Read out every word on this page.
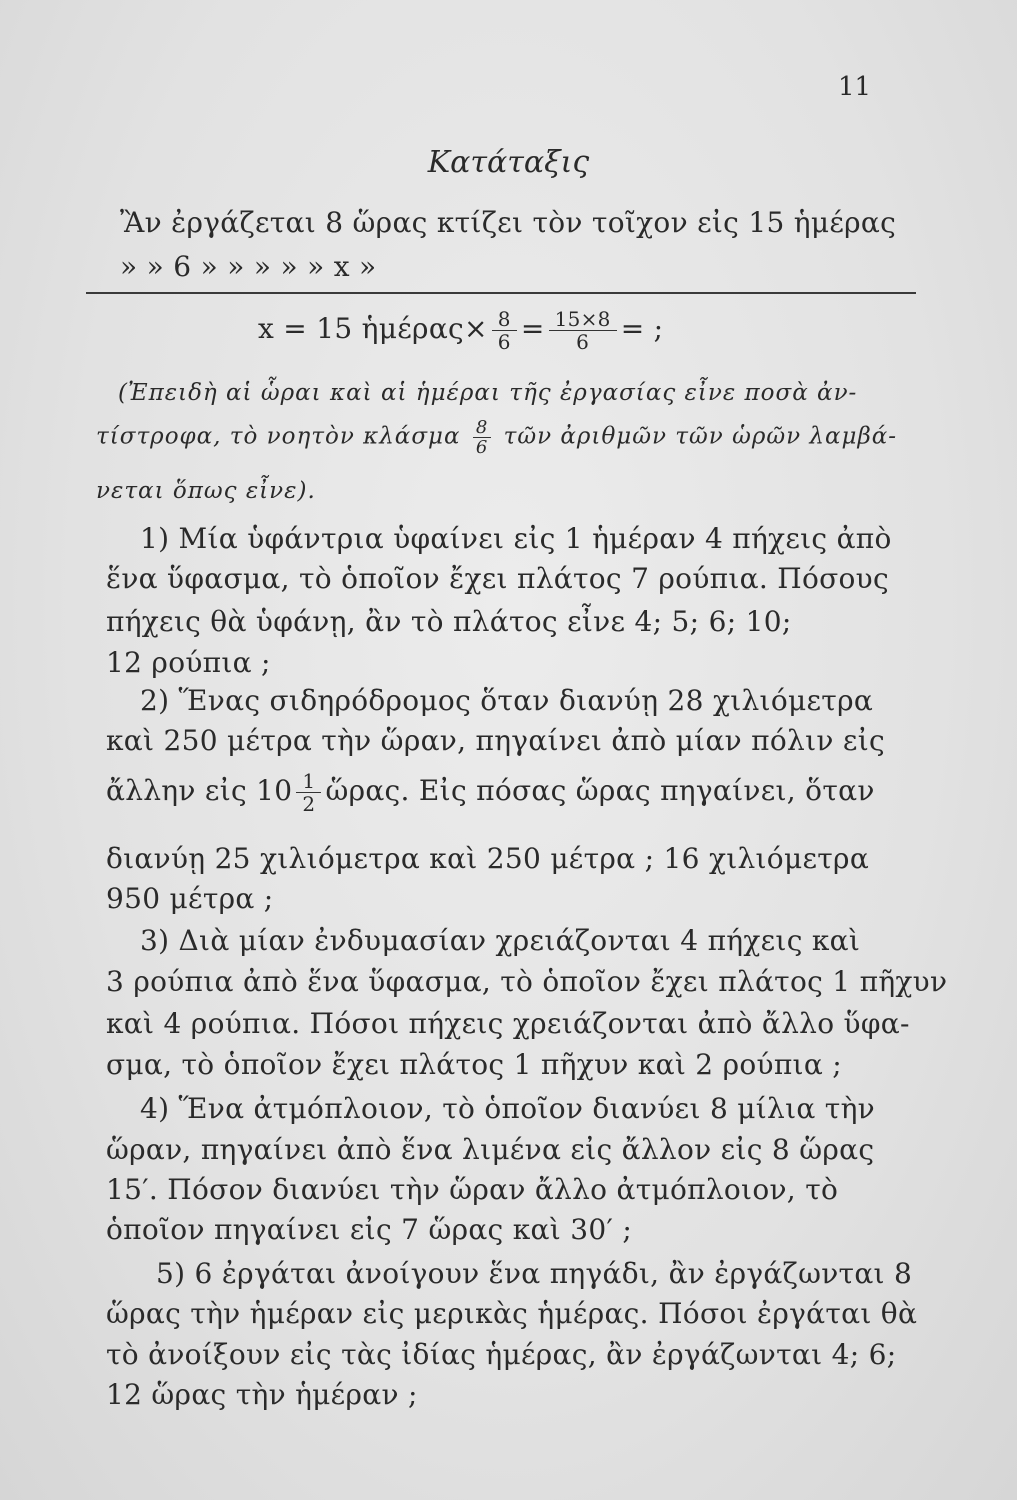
11
Κατάταξις
Ἂν ἐργάζεται 8 ὥρας κτίζει τὸν τοῖχον εἰς 15 ἡμέρας
» » 6 » » » » » x »
x = 15 ἡμέρας× $\frac{8}{6} = \frac{15\times 8}{6}$ = ;
(Ἐπειδὴ αἱ ὧραι καὶ αἱ ἡμέραι τῆς ἐργασίας εἶνε ποσὰ ἀν-
τίστροφα, τὸ νοητὸν κλάσμα $\frac{8}{6}$ τῶν ἀριθμῶν τῶν ὡρῶν λαμβά-
νεται ὅπως εἶνε).
1) Μία ὑφάντρια ὑφαίνει εἰς 1 ἡμέραν 4 πήχεις ἀπὸ
ἕνα ὕφασμα, τὸ ὁποῖον ἔχει πλάτος 7 ρούπια. Πόσους
πήχεις θὰ ὑφάνῃ, ἂν τὸ πλάτος εἶνε 4; 5; 6; 10;
12 ρούπια ;
2) Ἕνας σιδηρόδρομος ὅταν διανύῃ 28 χιλιόμετρα
καὶ 250 μέτρα τὴν ὥραν, πηγαίνει ἀπὸ μίαν πόλιν εἰς
ἄλλην εἰς $10 \frac{1}{2}$ ὥρας. Εἰς πόσας ὥρας πηγαίνει, ὅταν
διανύῃ 25 χιλιόμετρα καὶ 250 μέτρα ; 16 χιλιόμετρα
950 μέτρα ;
3) Διὰ μίαν ἐνδυμασίαν χρειάζονται 4 πήχεις καὶ
3 ρούπια ἀπὸ ἕνα ὕφασμα, τὸ ὁποῖον ἔχει πλάτος 1 πῆχυν
καὶ 4 ρούπια. Πόσοι πήχεις χρειάζονται ἀπὸ ἄλλο ὕφα-
σμα, τὸ ὁποῖον ἔχει πλάτος 1 πῆχυν καὶ 2 ρούπια ;
4) Ἕνα ἀτμόπλοιον, τὸ ὁποῖον διανύει 8 μίλια τὴν
ὥραν, πηγαίνει ἀπὸ ἕνα λιμένα εἰς ἄλλον εἰς 8 ὥρας
15′. Πόσον διανύει τὴν ὥραν ἄλλο ἀτμόπλοιον, τὸ
ὁποῖον πηγαίνει εἰς 7 ὥρας καὶ 30′ ;
5) 6 ἐργάται ἀνοίγουν ἕνα πηγάδι, ἂν ἐργάζωνται 8
ὥρας τὴν ἡμέραν εἰς μερικὰς ἡμέρας. Πόσοι ἐργάται θὰ
τὸ ἀνοίξουν εἰς τὰς ἰδίας ἡμέρας, ἂν ἐργάζωνται 4; 6;
12 ὥρας τὴν ἡμέραν ;
